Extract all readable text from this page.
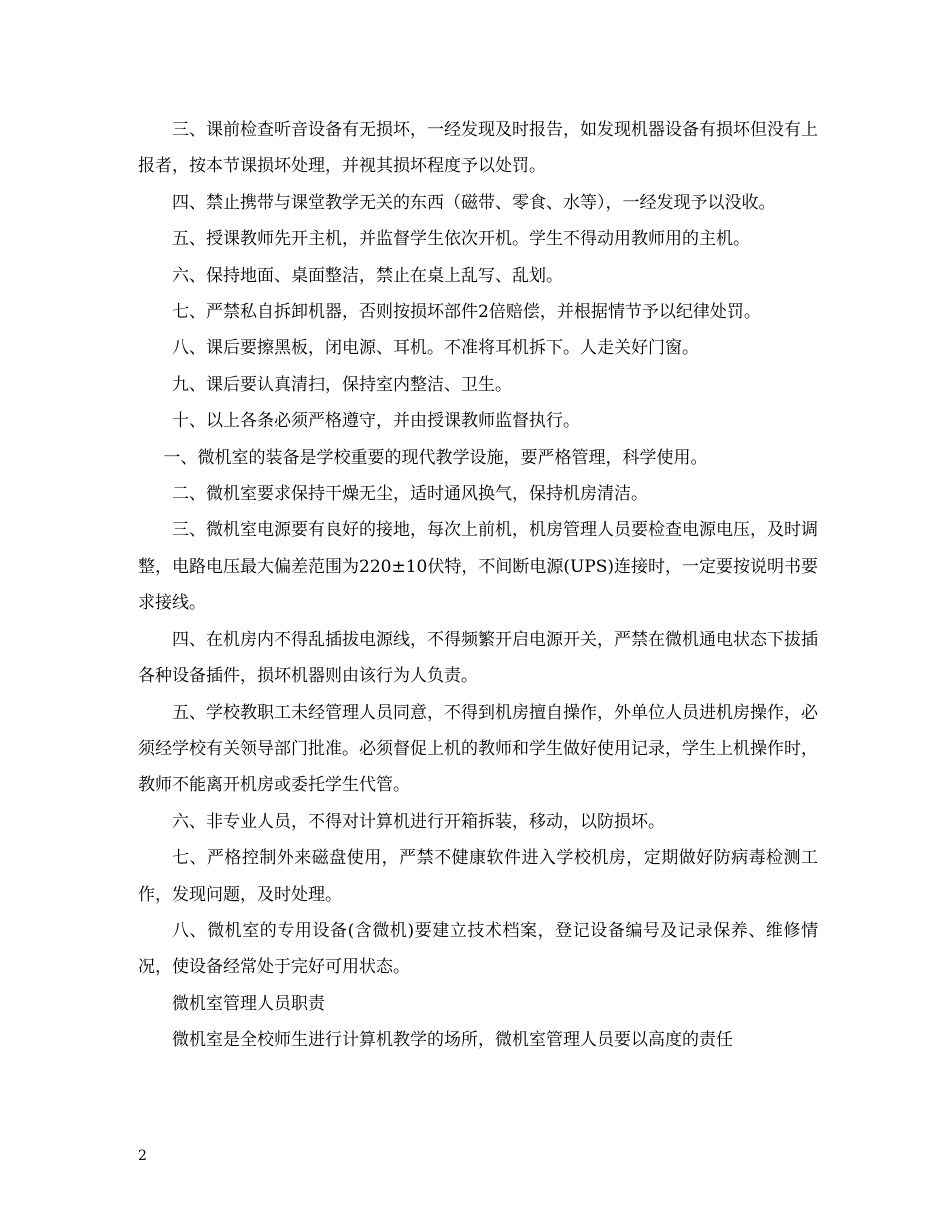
三、课前检查听音设备有无损坏，一经发现及时报告，如发现机器设备有损坏但没有上报者，按本节课损坏处理，并视其损坏程度予以处罚。

四、禁止携带与课堂教学无关的东西（磁带、零食、水等），一经发现予以没收。

五、授课教师先开主机，并监督学生依次开机。学生不得动用教师用的主机。

六、保持地面、桌面整洁，禁止在桌上乱写、乱划。

七、严禁私自拆卸机器，否则按损坏部件2倍赔偿，并根据情节予以纪律处罚。

八、课后要擦黑板，闭电源、耳机。不准将耳机拆下。人走关好门窗。

九、课后要认真清扫，保持室内整洁、卫生。

十、以上各条必须严格遵守，并由授课教师监督执行。

一、微机室的装备是学校重要的现代教学设施，要严格管理，科学使用。

二、微机室要求保持干燥无尘，适时通风换气，保持机房清洁。

三、微机室电源要有良好的接地，每次上前机，机房管理人员要检查电源电压，及时调整，电路电压最大偏差范围为220±10伏特，不间断电源(UPS)连接时，一定要按说明书要求接线。

四、在机房内不得乱插拔电源线，不得频繁开启电源开关，严禁在微机通电状态下拔插各种设备插件，损坏机器则由该行为人负责。

五、学校教职工未经管理人员同意，不得到机房擅自操作，外单位人员进机房操作，必须经学校有关领导部门批准。必须督促上机的教师和学生做好使用记录，学生上机操作时，教师不能离开机房或委托学生代管。

六、非专业人员，不得对计算机进行开箱拆装，移动，以防损坏。

七、严格控制外来磁盘使用，严禁不健康软件进入学校机房，定期做好防病毒检测工作，发现问题，及时处理。

八、微机室的专用设备(含微机)要建立技术档案，登记设备编号及记录保养、维修情况，使设备经常处于完好可用状态。

微机室管理人员职责

微机室是全校师生进行计算机教学的场所，微机室管理人员要以高度的责任

2
